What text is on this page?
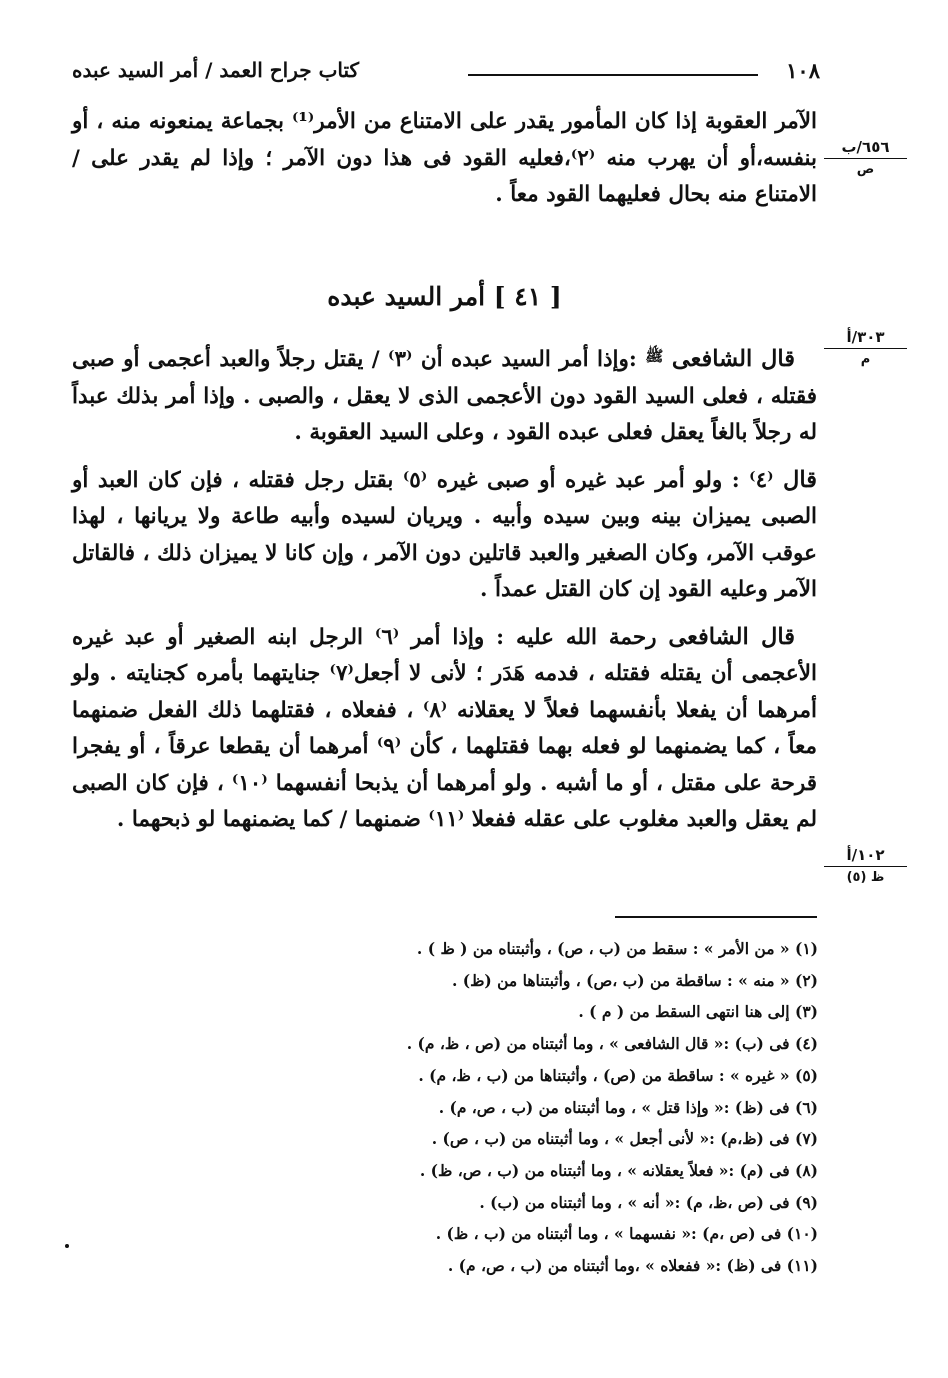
١٠٨
كتاب جراح العمد / أمر السيد عبده
٦٥٦/ب
ص
٣٠٣/أ
م
١٠٢/أ
ظ (٥)

الآمر العقوبة إذا كان المأمور يقدر على الامتناع من الأمر⁽¹⁾ بجماعة يمنعونه منه ، أو بنفسه،أو أن يهرب منه ⁽٢⁾،فعليه القود فى هذا دون الآمر ؛ وإذا لم يقدر على / الامتناع منه بحال فعليهما القود معاً .

[ ٤١ ] أمر السيد عبده

قال الشافعى $^ﷺ$ :وإذا أمر السيد عبده أن ⁽٣⁾ / يقتل رجلاً والعبد أعجمى أو صبى فقتله ، فعلى السيد القود دون الأعجمى الذى لا يعقل ، والصبى . وإذا أمر بذلك عبداً له رجلاً بالغاً يعقل فعلى عبده القود ، وعلى السيد العقوبة .

قال ⁽٤⁾ : ولو أمر عبد غيره أو صبى غيره ⁽٥⁾ بقتل رجل فقتله ، فإن كان العبد أو الصبى يميزان بينه وبين سيده وأبيه . ويريان لسيده وأبيه طاعة ولا يريانها ، لهذا عوقب الآمر، وكان الصغير والعبد قاتلين دون الآمر ، وإن كانا لا يميزان ذلك ، فالقاتل الآمر وعليه القود إن كان القتل عمداً .

قال الشافعى رحمة الله عليه : وإذا أمر ⁽٦⁾ الرجل ابنه الصغير أو عبد غيره الأعجمى أن يقتله فقتله ، فدمه هَدَر ؛ لأنى لا أجعل⁽٧⁾ جنايتهما بأمره كجنايته . ولو أمرهما أن يفعلا بأنفسهما فعلاً لا يعقلانه ⁽٨⁾ ، ففعلاه ، فقتلهما ذلك الفعل ضمنهما معاً ، كما يضمنهما لو فعله بهما فقتلهما ، كأن ⁽٩⁾ أمرهما أن يقطعا عرقاً ، أو يفجرا قرحة على مقتل ، أو ما أشبه . ولو أمرهما أن يذبحا أنفسهما ⁽١٠⁾ ، فإن كان الصبى لم يعقل والعبد مغلوب على عقله ففعلا ⁽١١⁾ ضمنهما / كما يضمنهما لو ذبحهما .

(١) « من الأمر » : سقط من (ب ، ص) ، وأثبتناه من ( ظ ) .
(٢) « منه » : ساقطة من (ب ،ص) ، وأثبتناها من (ظ) .
(٣) إلى هنا انتهى السقط من ( م ) .
(٤) فى (ب) :« قال الشافعى » ، وما أثبتناه من (ص ، ظ، م) .
(٥) « غيره » : ساقطة من (ص) ، وأثبتناها من (ب ، ظ، م) .
(٦) فى (ظ) :« وإذا قتل » ، وما أثبتناه من (ب ، ص، م) .
(٧) فى (ظ،م) :« لأنى أجعل » ، وما أثبتناه من (ب ، ص) .
(٨) فى (م) :« فعلاً يعقلانه » ، وما أثبتناه من (ب ، ص، ظ) .
(٩) فى (ص ،ظ، م) :« أنه » ، وما أثبتناه من (ب) .
(١٠) فى (ص ،م) :« نفسهما » ، وما أثبتناه من (ب ، ظ) .
(١١) فى (ظ) :« ففعلاه » ،وما أثبتناه من (ب ، ص، م) .
